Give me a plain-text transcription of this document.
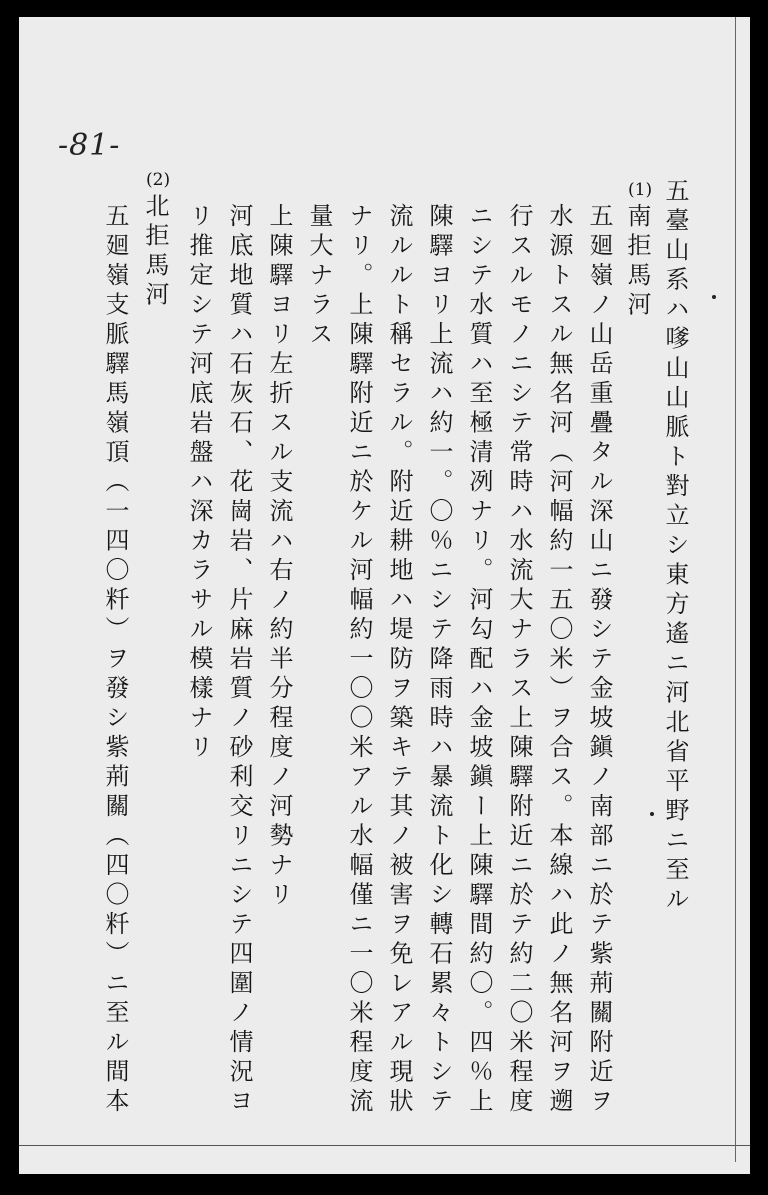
-81-
五臺山系ハ嗲山山脈ト對立シ東方遙ニ河北省平野ニ至ル
(1)
南拒馬河
五廻嶺ノ山岳重疊タル深山ニ發シテ金坡鎭ノ南部ニ於テ紫荊關附近ヲ
水源トスル無名河（河幅約一五〇米）ヲ合ス。本線ハ此ノ無名河ヲ遡
行スルモノニシテ常時ハ水流大ナラス上陳驛附近ニ於テ約二〇米程度
ニシテ水質ハ至極清冽ナリ。河勾配ハ金坡鎭ー上陳驛間約〇。四％上
陳驛ヨリ上流ハ約一。〇％ニシテ降雨時ハ暴流ト化シ轉石累々トシテ
流ルルト稱セラル。附近耕地ハ堤防ヲ築キテ其ノ被害ヲ免レアル現狀
ナリ。上陳驛附近ニ於ケル河幅約一〇〇米アル水幅僅ニ一〇米程度流
量大ナラス
上陳驛ヨリ左折スル支流ハ右ノ約半分程度ノ河勢ナリ
河底地質ハ石灰石、花崗岩、片麻岩質ノ砂利交リニシテ四圍ノ情況ヨ
リ推定シテ河底岩盤ハ深カラサル模樣ナリ
(2)
北拒馬河
五廻嶺支脈驛馬嶺頂（一四〇粁）ヲ發シ紫荊關（四〇粁）ニ至ル間本
